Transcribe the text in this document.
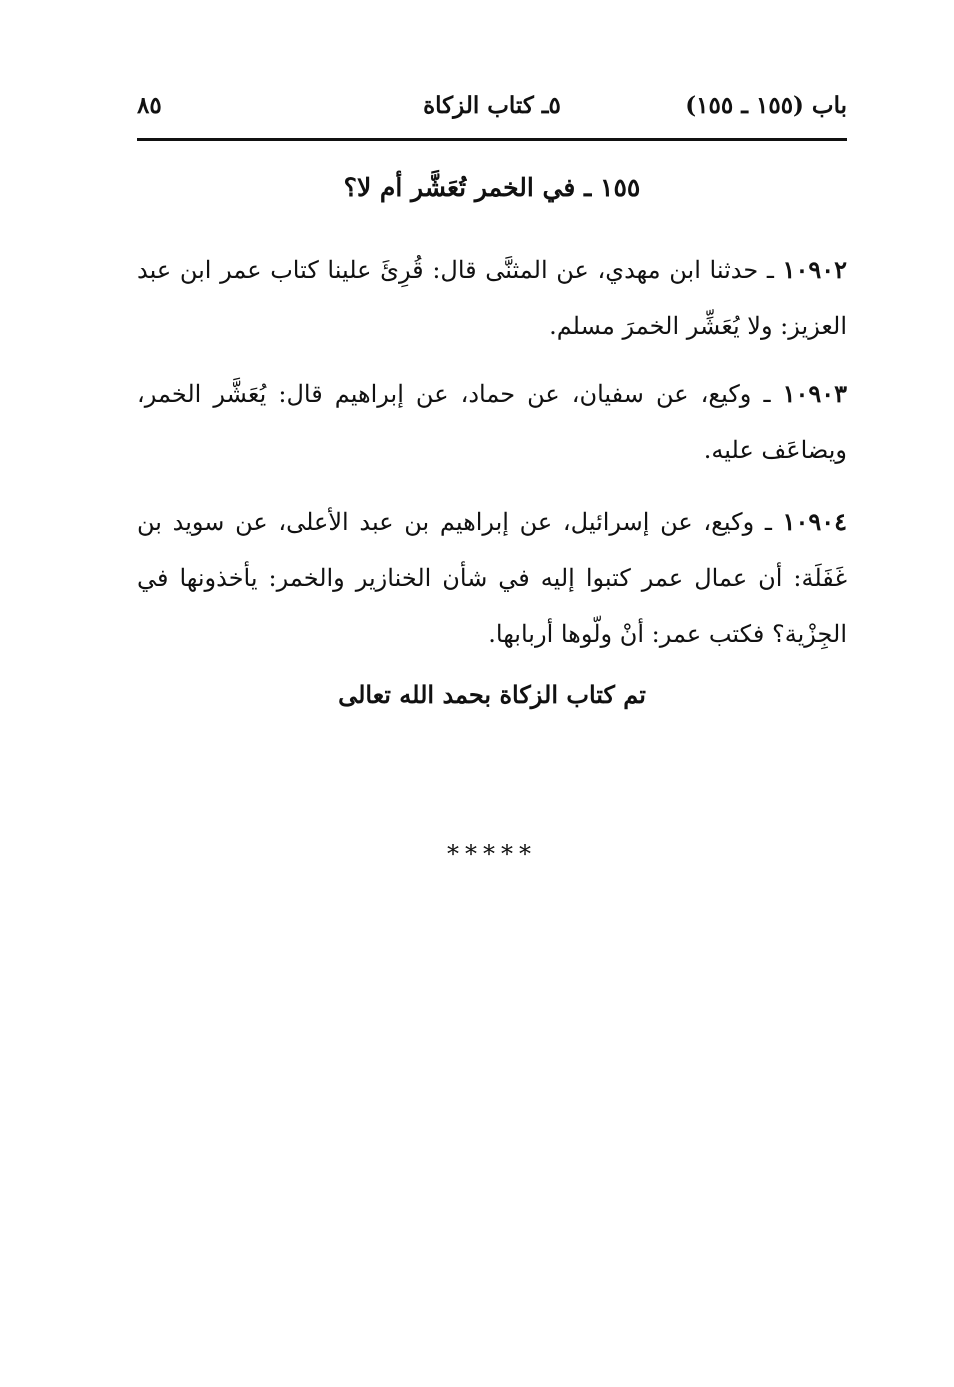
باب (١٥٥ ـ ١٥٥)
٥ـ كتاب الزكاة
٨٥
١٥٥ ـ في الخمر تُعَشَّر أم لا؟

١٠٩٠٢ ـ حدثنا ابن مهدي، عن المثنَّى قال: قُرِئَ علينا كتاب عمر ابن عبد العزيز: ولا يُعَشِّر الخمرَ مسلم.

١٠٩٠٣ ـ وكيع، عن سفيان، عن حماد، عن إبراهيم قال: يُعَشَّر الخمر، ويضاعَف عليه.

١٠٩٠٤ ـ وكيع، عن إسرائيل، عن إبراهيم بن عبد الأعلى، عن سويد بن غَفَلَة: أن عمال عمر كتبوا إليه في شأن الخنازير والخمر: يأخذونها في الجِزْية؟ فكتب عمر: أنْ ولّوها أربابها.

تم كتاب الزكاة بحمد الله تعالى
*****
